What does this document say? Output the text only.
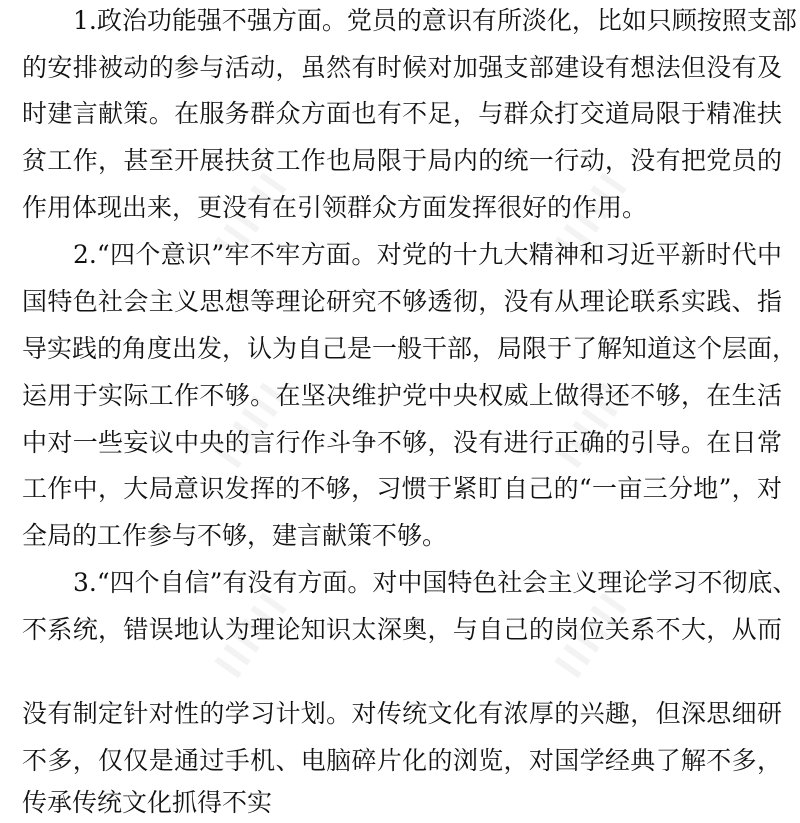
IIIIII	IIIIII
IIIIII	IIIIII
IIIIII	IIIIII
1.政治功能强不强方面。党员的意识有所淡化，比如只顾按照支部
的安排被动的参与活动，虽然有时候对加强支部建设有想法但没有及
时建言献策。在服务群众方面也有不足，与群众打交道局限于精准扶
贫工作，甚至开展扶贫工作也局限于局内的统一行动，没有把党员的
作用体现出来，更没有在引领群众方面发挥很好的作用。
2.“四个意识”牢不牢方面。对党的十九大精神和习近平新时代中
国特色社会主义思想等理论研究不够透彻，没有从理论联系实践、指
导实践的角度出发，认为自己是一般干部，局限于了解知道这个层面，
运用于实际工作不够。在坚决维护党中央权威上做得还不够，在生活
中对一些妄议中央的言行作斗争不够，没有进行正确的引导。在日常
工作中，大局意识发挥的不够，习惯于紧盯自己的“一亩三分地”，对
全局的工作参与不够，建言献策不够。
3.“四个自信”有没有方面。对中国特色社会主义理论学习不彻底、
不系统，错误地认为理论知识太深奥，与自己的岗位关系不大，从而
没有制定针对性的学习计划。对传统文化有浓厚的兴趣，但深思细研
不多，仅仅是通过手机、电脑碎片化的浏览，对国学经典了解不多，
传承传统文化抓得不实
